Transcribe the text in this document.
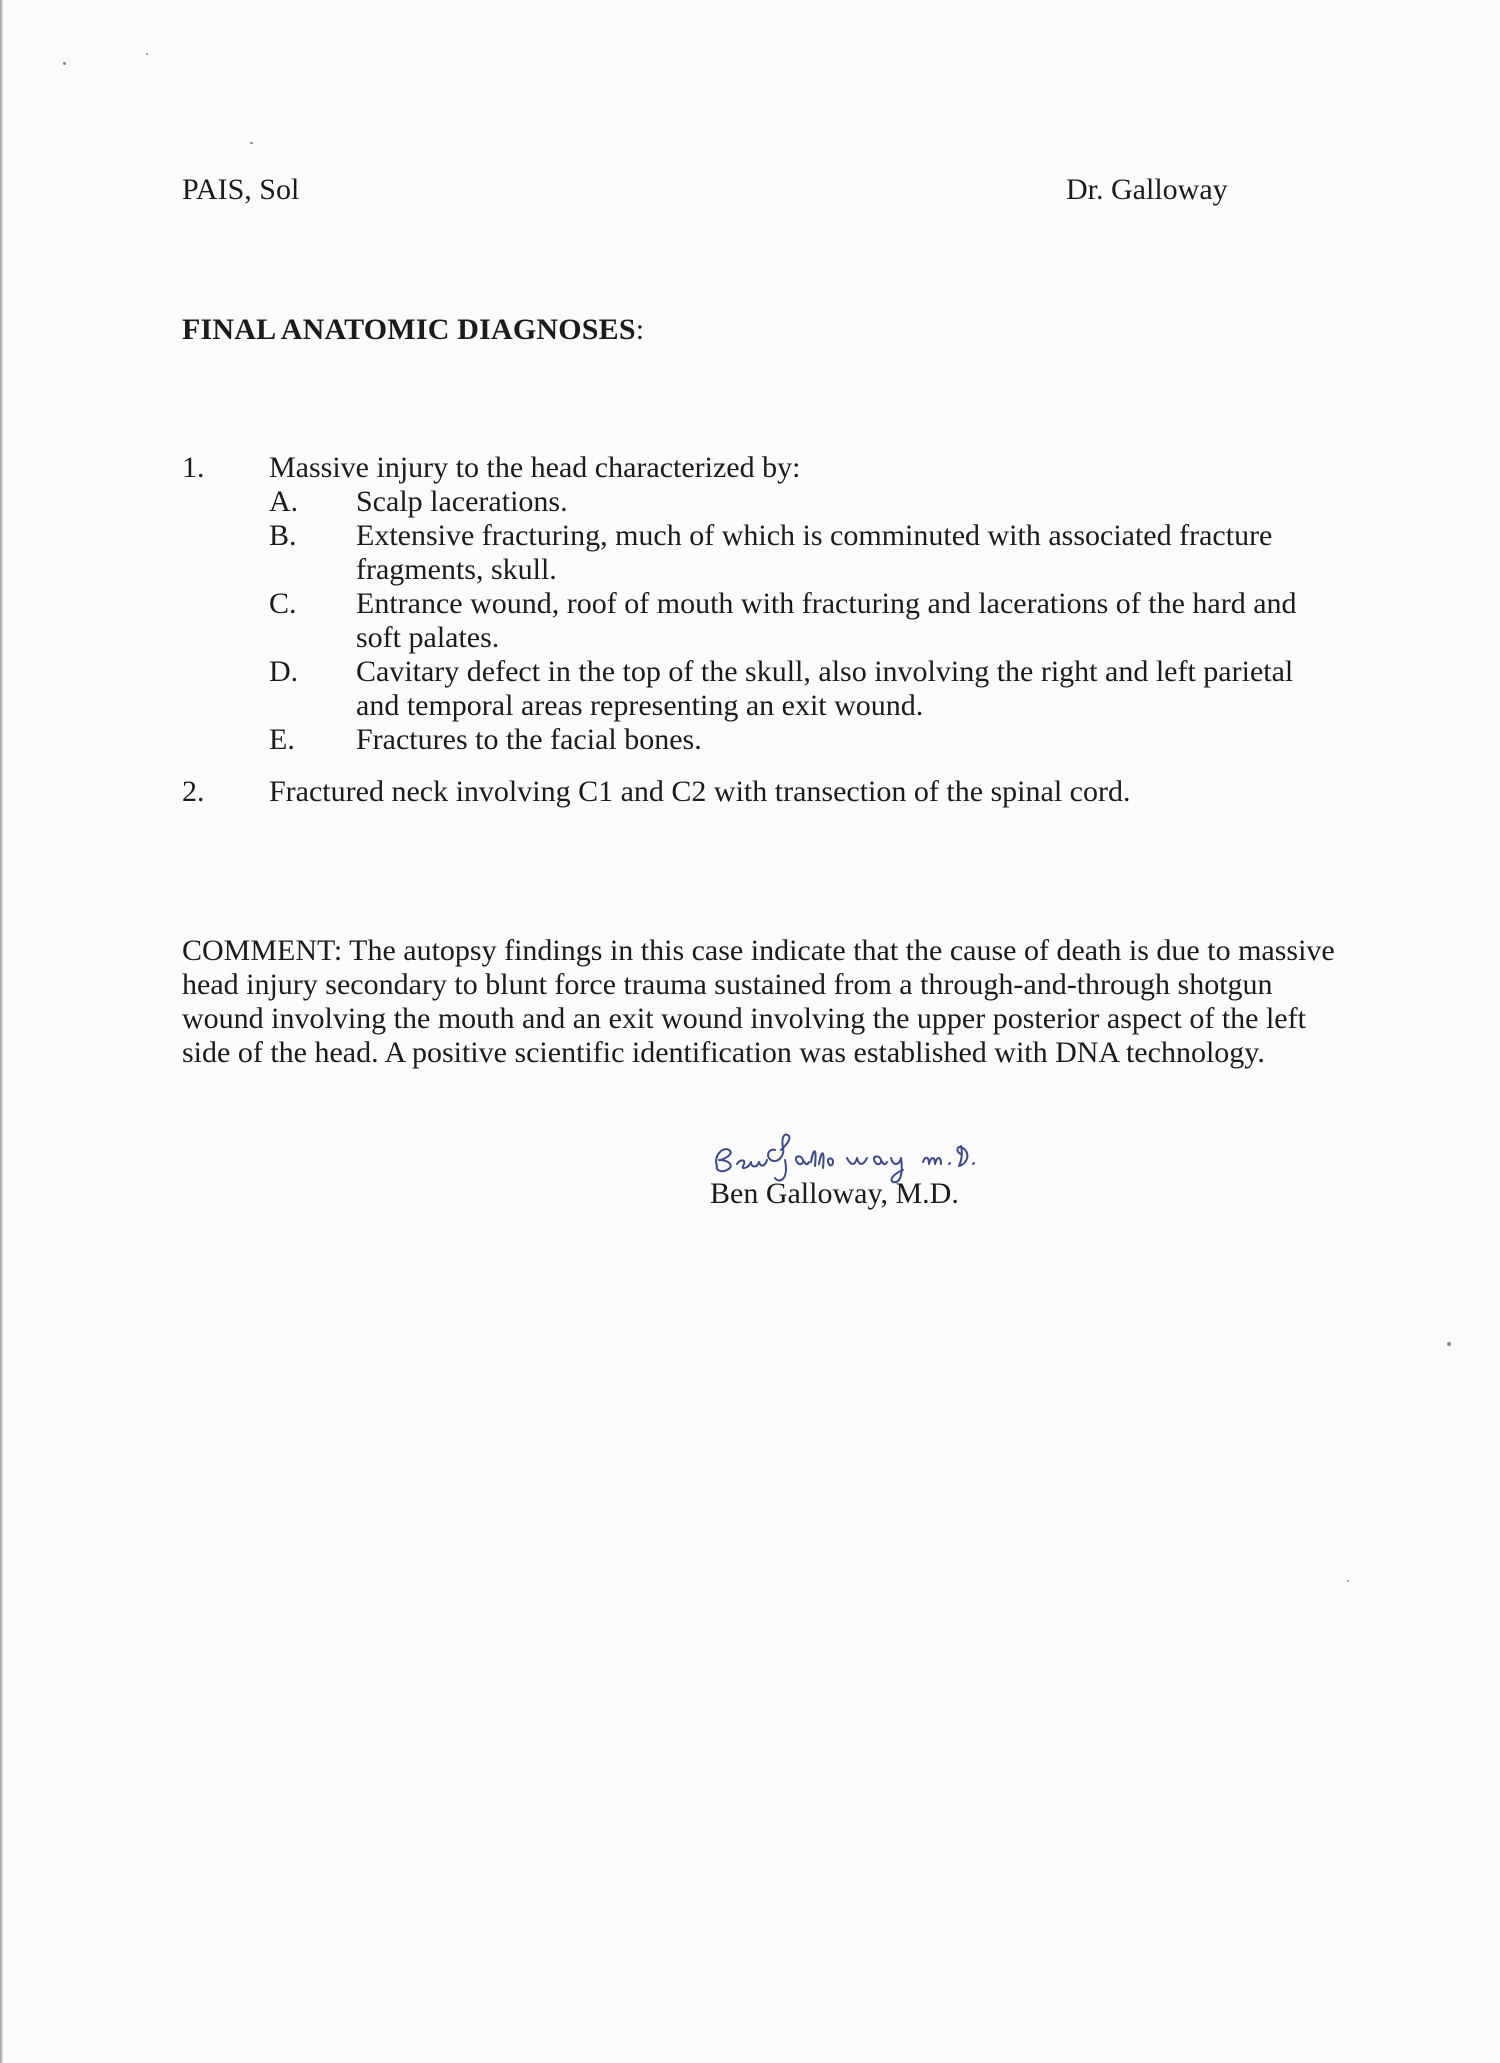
PAIS, Sol	Dr. Galloway
FINAL ANATOMIC DIAGNOSES:
1.	Massive injury to the head characterized by:
A.	Scalp lacerations.
B.	Extensive fracturing, much of which is comminuted with associated fracture fragments, skull.
C.	Entrance wound, roof of mouth with fracturing and lacerations of the hard and soft palates.
D.	Cavitary defect in the top of the skull, also involving the right and left parietal and temporal areas representing an exit wound.
E.	Fractures to the facial bones.
2.	Fractured neck involving C1 and C2 with transection of the spinal cord.
COMMENT: The autopsy findings in this case indicate that the cause of death is due to massive head injury secondary to blunt force trauma sustained from a through-and-through shotgun wound involving the mouth and an exit wound involving the upper posterior aspect of the left side of the head. A positive scientific identification was established with DNA technology.
Ben Galloway, M.D.
